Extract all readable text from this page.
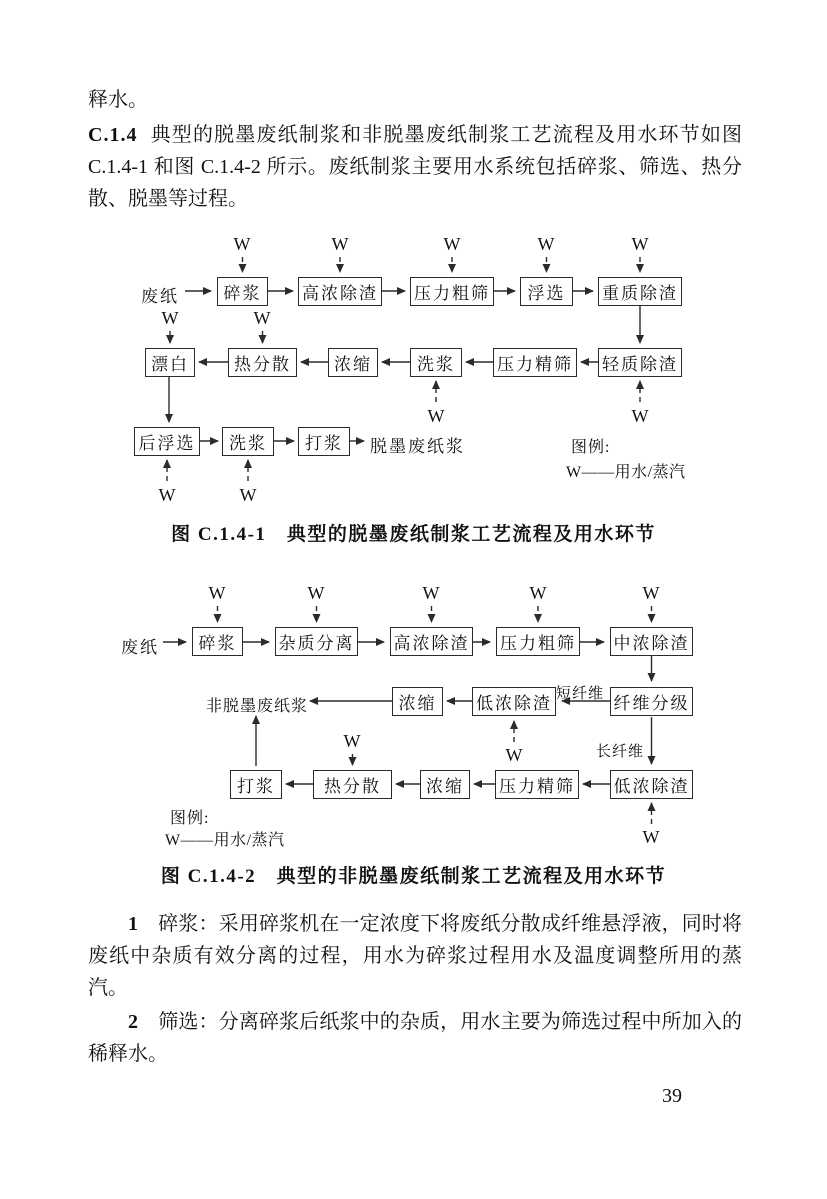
释水。
C.1.4 典型的脱墨废纸制浆和非脱墨废纸制浆工艺流程及用水环节如图 C.1.4-1 和图 C.1.4-2 所示。废纸制浆主要用水系统包括碎浆、筛选、热分散、脱墨等过程。
废纸	碎浆 高浓除渣 压力粗筛 浮选 重质除渣
漂白	热分散	浓缩	洗浆 压力精筛 轻质除渣
后浮选 洗浆 打浆 脱墨废纸浆
W	W	W	W	W
W	W
W	W
W	W
图例:
W——用水/蒸汽
图 C.1.4-1　典型的脱墨废纸制浆工艺流程及用水环节
废纸 碎浆 杂质分离 高浓除渣 压力粗筛 中浓除渣
非脱墨废纸浆	浓缩 低浓除渣	纤维分级
短纤维
长纤维
打浆	热分散	浓缩 压力精筛 低浓除渣
W	W	W	W	W
W
W
W
图例:
W——用水/蒸汽
图 C.1.4-2　典型的非脱墨废纸制浆工艺流程及用水环节

1　 碎浆：采用碎浆机在一定浓度下将废纸分散成纤维悬浮液，同时将废纸中杂质有效分离的过程，用水为碎浆过程用水及温度调整所用的蒸汽。

2　 筛选：分离碎浆后纸浆中的杂质，用水主要为筛选过程中所加入的稀释水。

39
